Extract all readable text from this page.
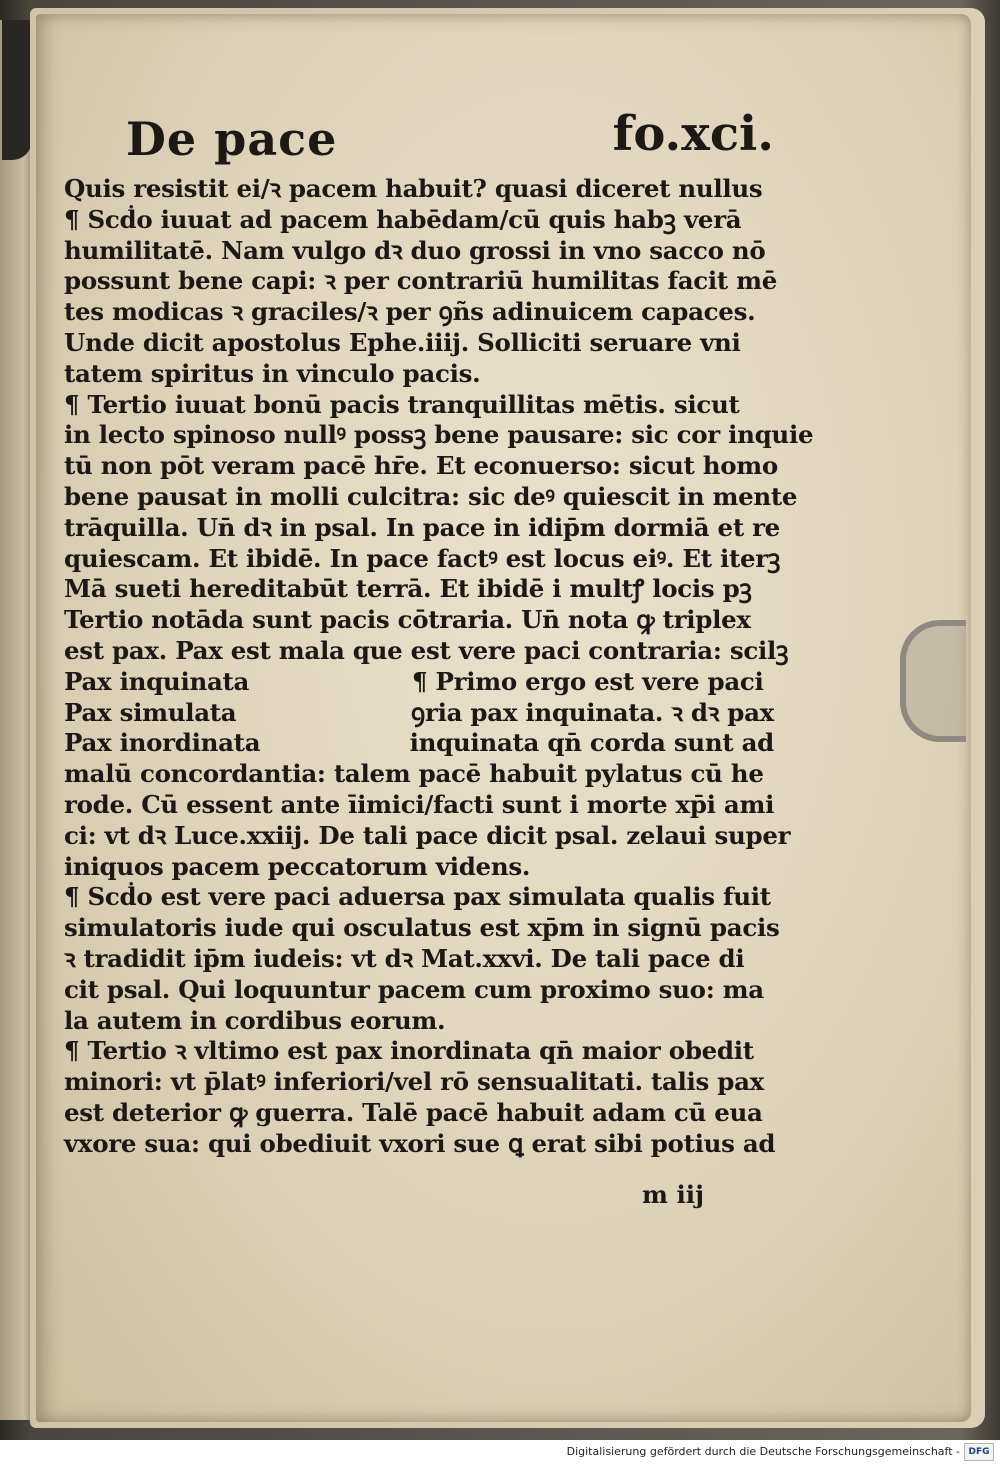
De pace	fo.xci.
Quis resistit ei/ꝛ pacem habuit? quasi diceret nullus
¶ Scḋo iuuat ad pacem habēdam/cū quis habꝫ verā
humilitatē. Nam vulgo dꝛ duo grossi in vno sacco nō
possunt bene capi: ꝛ per contrariū humilitas facit mē
tes modicas ꝛ graciles/ꝛ per ꝯñs adinuicem capaces.
Unde dicit apostolus Ephe.iiij. Solliciti seruare vni
tatem spiritus in vinculo pacis.
¶ Tertio iuuat bonū pacis tranquillitas mētis. sicut
in lecto spinoso nullꝰ possꝫ bene pausare: sic cor inquie
tū non pōt veram pacē hr̄e. Et econuerso: sicut homo
bene pausat in molli culcitra: sic deꝰ quiescit in mente
trāquilla. Un̄ dꝛ in psal. In pace in idip̄m dormiā et re
quiescam. Et ibidē. In pace factꝰ est locus eiꝰ. Et iterꝫ
Mā sueti hereditabūt terrā. Et ibidē i multꝭ locis pꝫ
Tertio notāda sunt pacis cōtraria. Un̄ nota ꝙ triplex
est pax. Pax est mala que est vere paci contraria: scilꝫ
Pax inquinata	¶ Primo ergo est vere paci
Pax simulata	ꝯria pax inquinata. ꝛ dꝛ pax
Pax inordinata	inquinata qn̄ corda sunt ad
malū concordantia: talem pacē habuit pylatus cū he
rode. Cū essent ante īimici/facti sunt i morte xp̄i ami
ci: vt dꝛ Luce.xxiij. De tali pace dicit psal. zelaui super
iniquos pacem peccatorum videns.
¶ Scḋo est vere paci aduersa pax simulata qualis fuit
simulatoris iude qui osculatus est xp̄m in signū pacis
ꝛ tradidit ip̄m iudeis: vt dꝛ Mat.xxvi. De tali pace di
cit psal. Qui loquuntur pacem cum proximo suo: ma
la autem in cordibus eorum.
¶ Tertio ꝛ vltimo est pax inordinata qn̄ maior obedit
minori: vt p̄latꝰ inferiori/vel rō sensualitati. talis pax
est deterior ꝙ guerra. Talē pacē habuit adam cū eua
vxore sua: qui obediuit vxori sue ꝗ erat sibi potius ad
m iij
Digitalisierung gefördert durch die Deutsche Forschungsgemeinschaft - DFG
